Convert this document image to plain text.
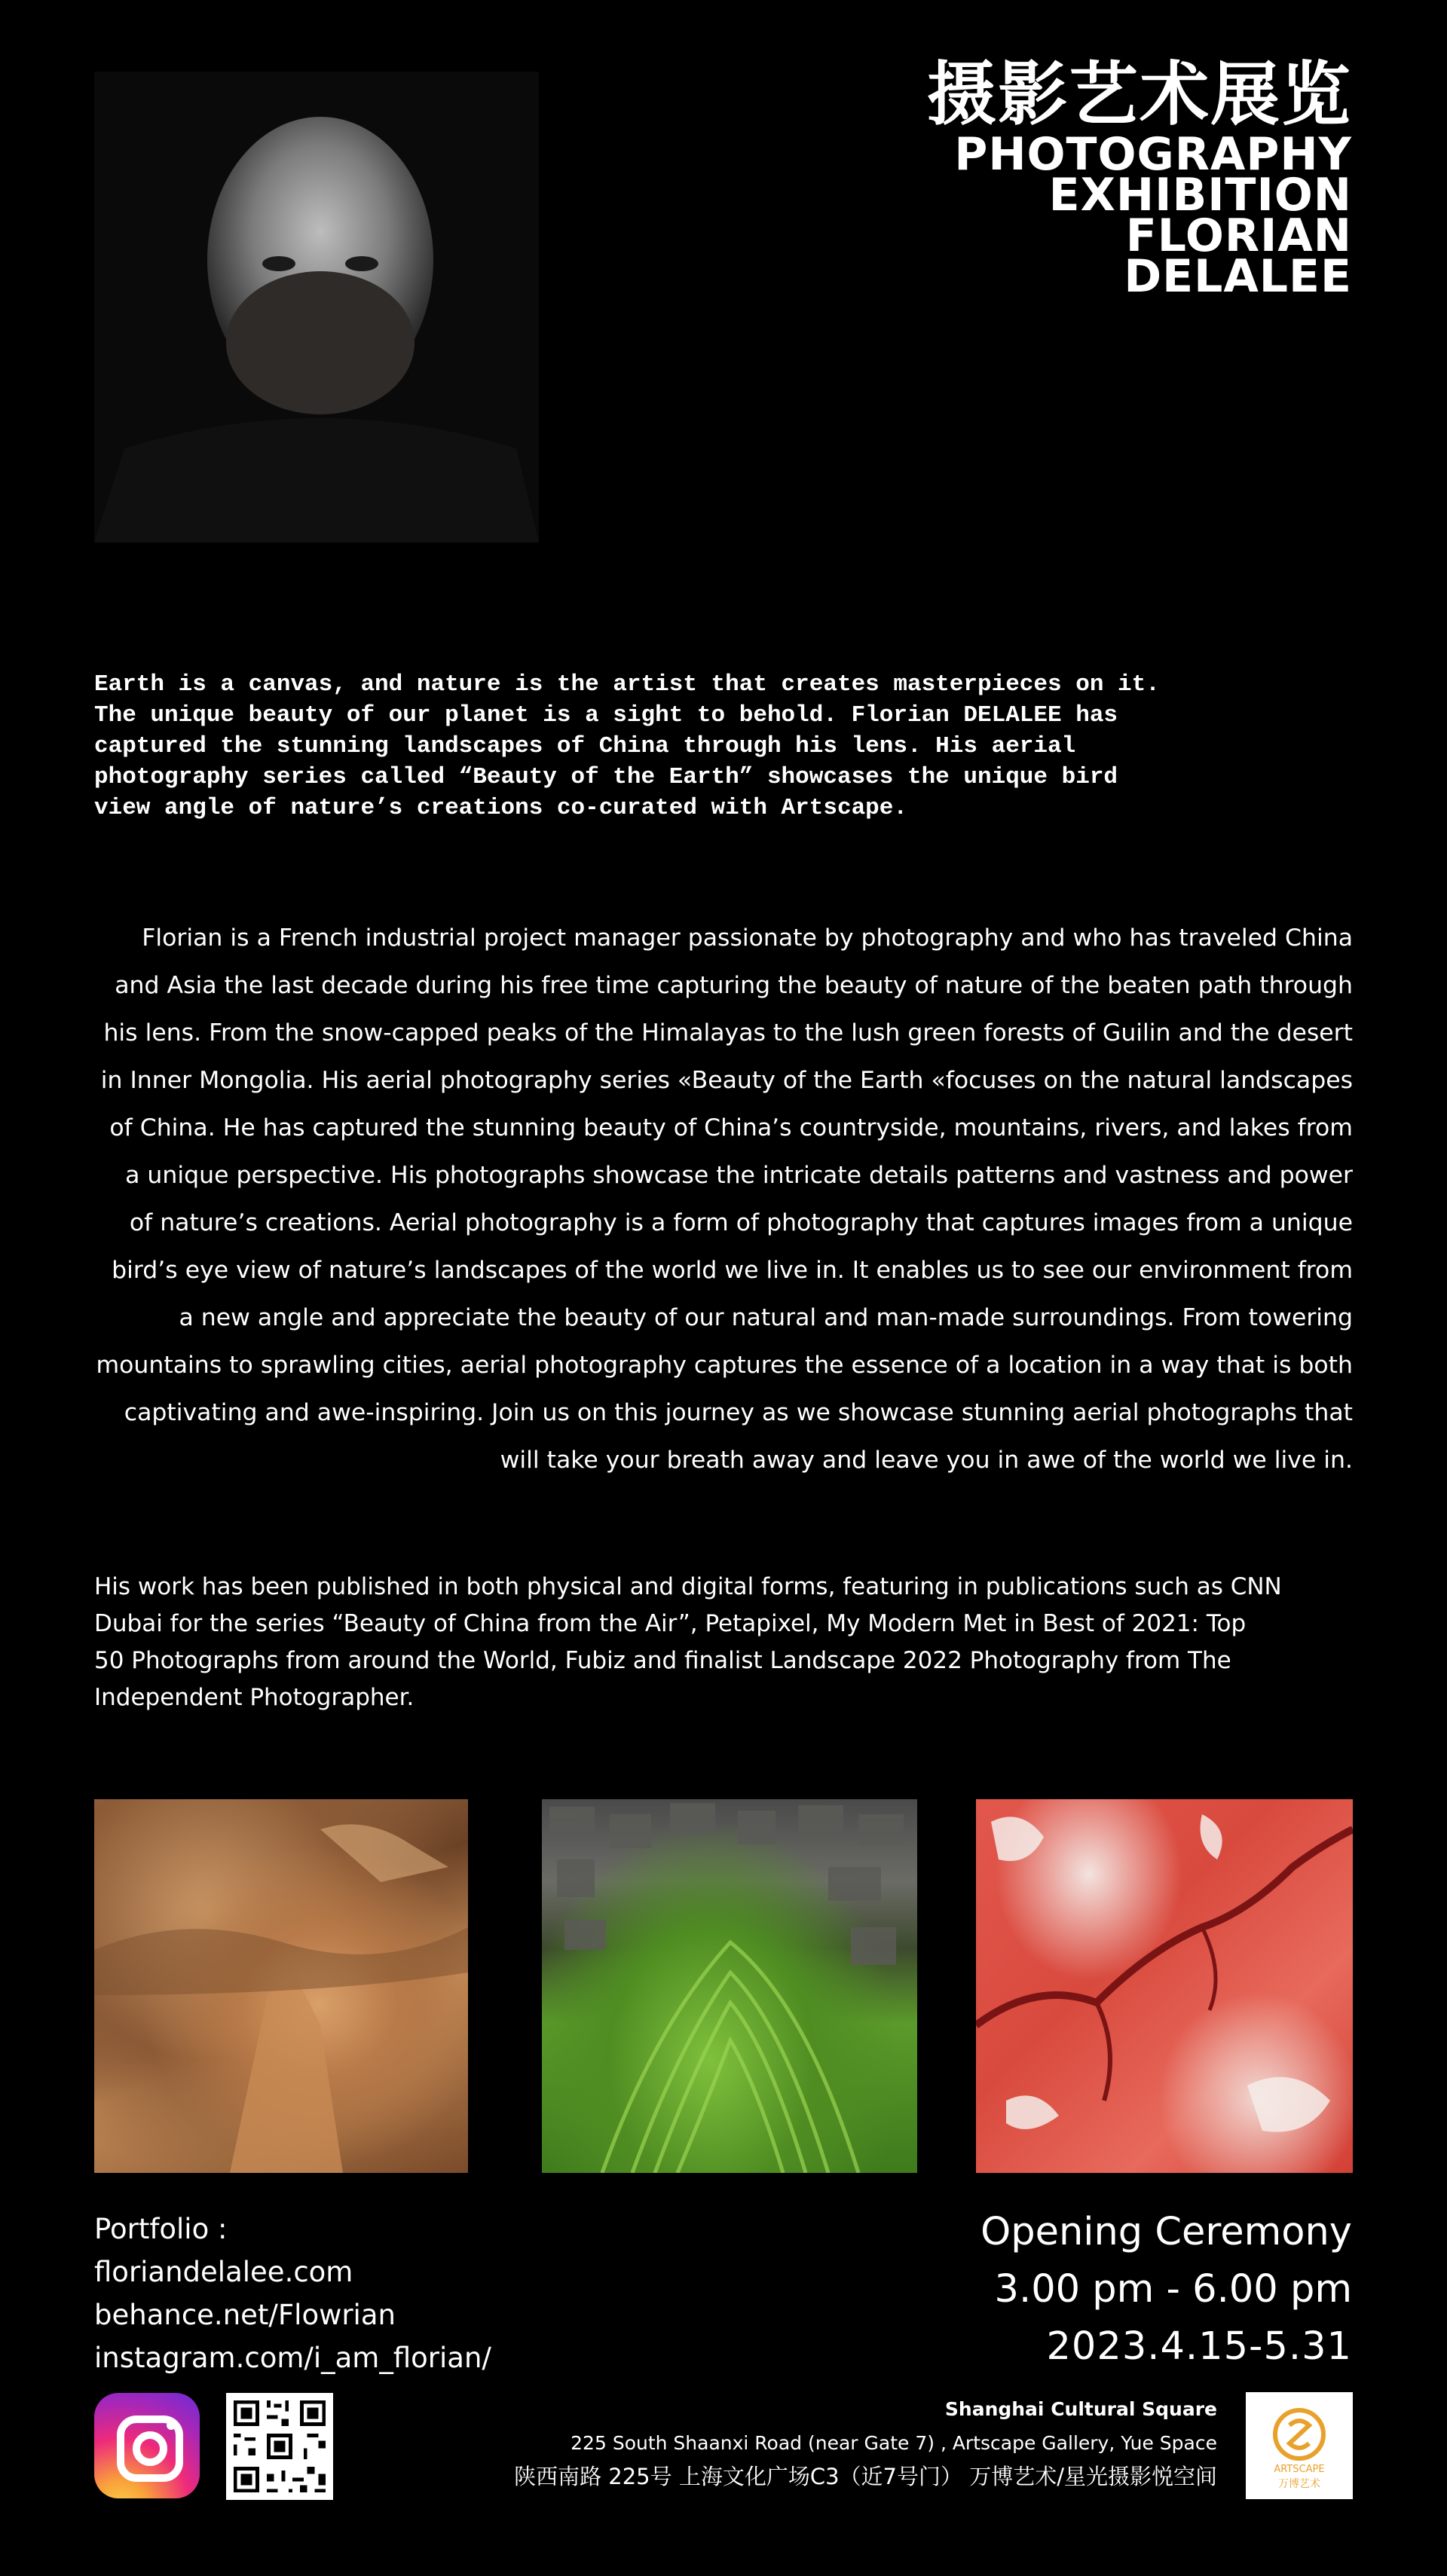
摄影艺术展览
PHOTOGRAPHY
EXHIBITION
FLORIAN
DELALEE
Earth is a canvas, and nature is the artist that creates masterpieces on it.
The unique beauty of our planet is a sight to behold. Florian DELALEE has
captured the stunning landscapes of China through his lens. His aerial
photography series called “Beauty of the Earth” showcases the unique bird
view angle of nature’s creations co-curated with Artscape.
Florian is a French industrial project manager passionate by photography and who has traveled China
and Asia the last decade during his free time capturing the beauty of nature of the beaten path through
his lens. From the snow-capped peaks of the Himalayas to the lush green forests of Guilin and the desert
in Inner Mongolia. His aerial photography series «Beauty of the Earth «focuses on the natural landscapes
of China. He has captured the stunning beauty of China’s countryside, mountains, rivers, and lakes from
a unique perspective. His photographs showcase the intricate details patterns and vastness and power
of nature’s creations. Aerial photography is a form of photography that captures images from a unique
bird’s eye view of nature’s landscapes of the world we live in. It enables us to see our environment from
a new angle and appreciate the beauty of our natural and man-made surroundings. From towering
mountains to sprawling cities, aerial photography captures the essence of a location in a way that is both
captivating and awe-inspiring. Join us on this journey as we showcase stunning aerial photographs that
will take your breath away and leave you in awe of the world we live in.
His work has been published in both physical and digital forms, featuring in publications such as CNN
Dubai for the series “Beauty of China from the Air”, Petapixel, My Modern Met in Best of 2021: Top
50 Photographs from around the World, Fubiz and finalist Landscape 2022 Photography from The
Independent Photographer.
Portfolio :
floriandelalee.com
behance.net/Flowrian
instagram.com/i_am_florian/
Opening Ceremony
3.00 pm - 6.00 pm
2023.4.15-5.31
Shanghai Cultural Square
225 South Shaanxi Road (near Gate 7) , Artscape Gallery, Yue Space
陕西南路 225号 上海文化广场C3（近7号门） 万博艺术/星光摄影悦空间	ARTSCAPE
万博艺术
